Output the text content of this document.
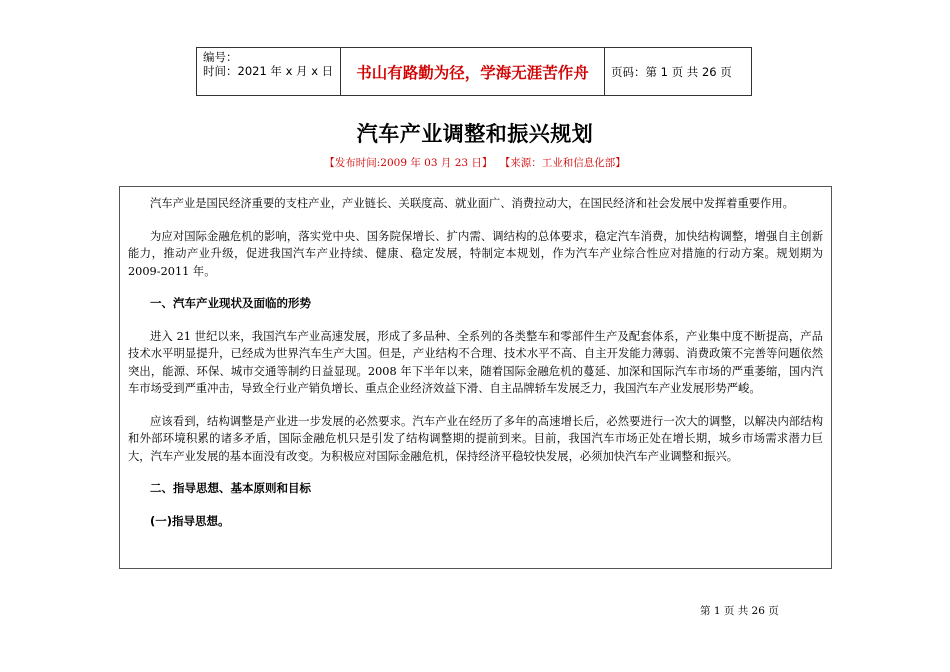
编号：
时间：2021 年 x 月 x 日	书山有路勤为径，学海无涯苦作舟 页码：第 1 页 共 26 页
汽车产业调整和振兴规划
【发布时间:2009 年 03 月 23 日】 【来源：工业和信息化部】

汽车产业是国民经济重要的支柱产业，产业链长、关联度高、就业面广、消费拉动大，在国民经济和社会发展中发挥着重要作用。

为应对国际金融危机的影响，落实党中央、国务院保增长、扩内需、调结构的总体要求，稳定汽车消费，加快结构调整，增强自主创新能力，推动产业升级，促进我国汽车产业持续、健康、稳定发展，特制定本规划，作为汽车产业综合性应对措施的行动方案。规划期为 2009-2011 年。

一、汽车产业现状及面临的形势

进入 21 世纪以来，我国汽车产业高速发展，形成了多品种、全系列的各类整车和零部件生产及配套体系，产业集中度不断提高，产品技术水平明显提升，已经成为世界汽车生产大国。但是，产业结构不合理、技术水平不高、自主开发能力薄弱、消费政策不完善等问题依然突出，能源、环保、城市交通等制约日益显现。2008 年下半年以来，随着国际金融危机的蔓延、加深和国际汽车市场的严重萎缩，国内汽车市场受到严重冲击，导致全行业产销负增长、重点企业经济效益下滑、自主品牌轿车发展乏力，我国汽车产业发展形势严峻。

应该看到，结构调整是产业进一步发展的必然要求。汽车产业在经历了多年的高速增长后，必然要进行一次大的调整，以解决内部结构和外部环境积累的诸多矛盾，国际金融危机只是引发了结构调整期的提前到来。目前，我国汽车市场正处在增长期，城乡市场需求潜力巨大，汽车产业发展的基本面没有改变。为积极应对国际金融危机，保持经济平稳较快发展，必须加快汽车产业调整和振兴。

二、指导思想、基本原则和目标
(一)指导思想。
第 1 页 共 26 页
